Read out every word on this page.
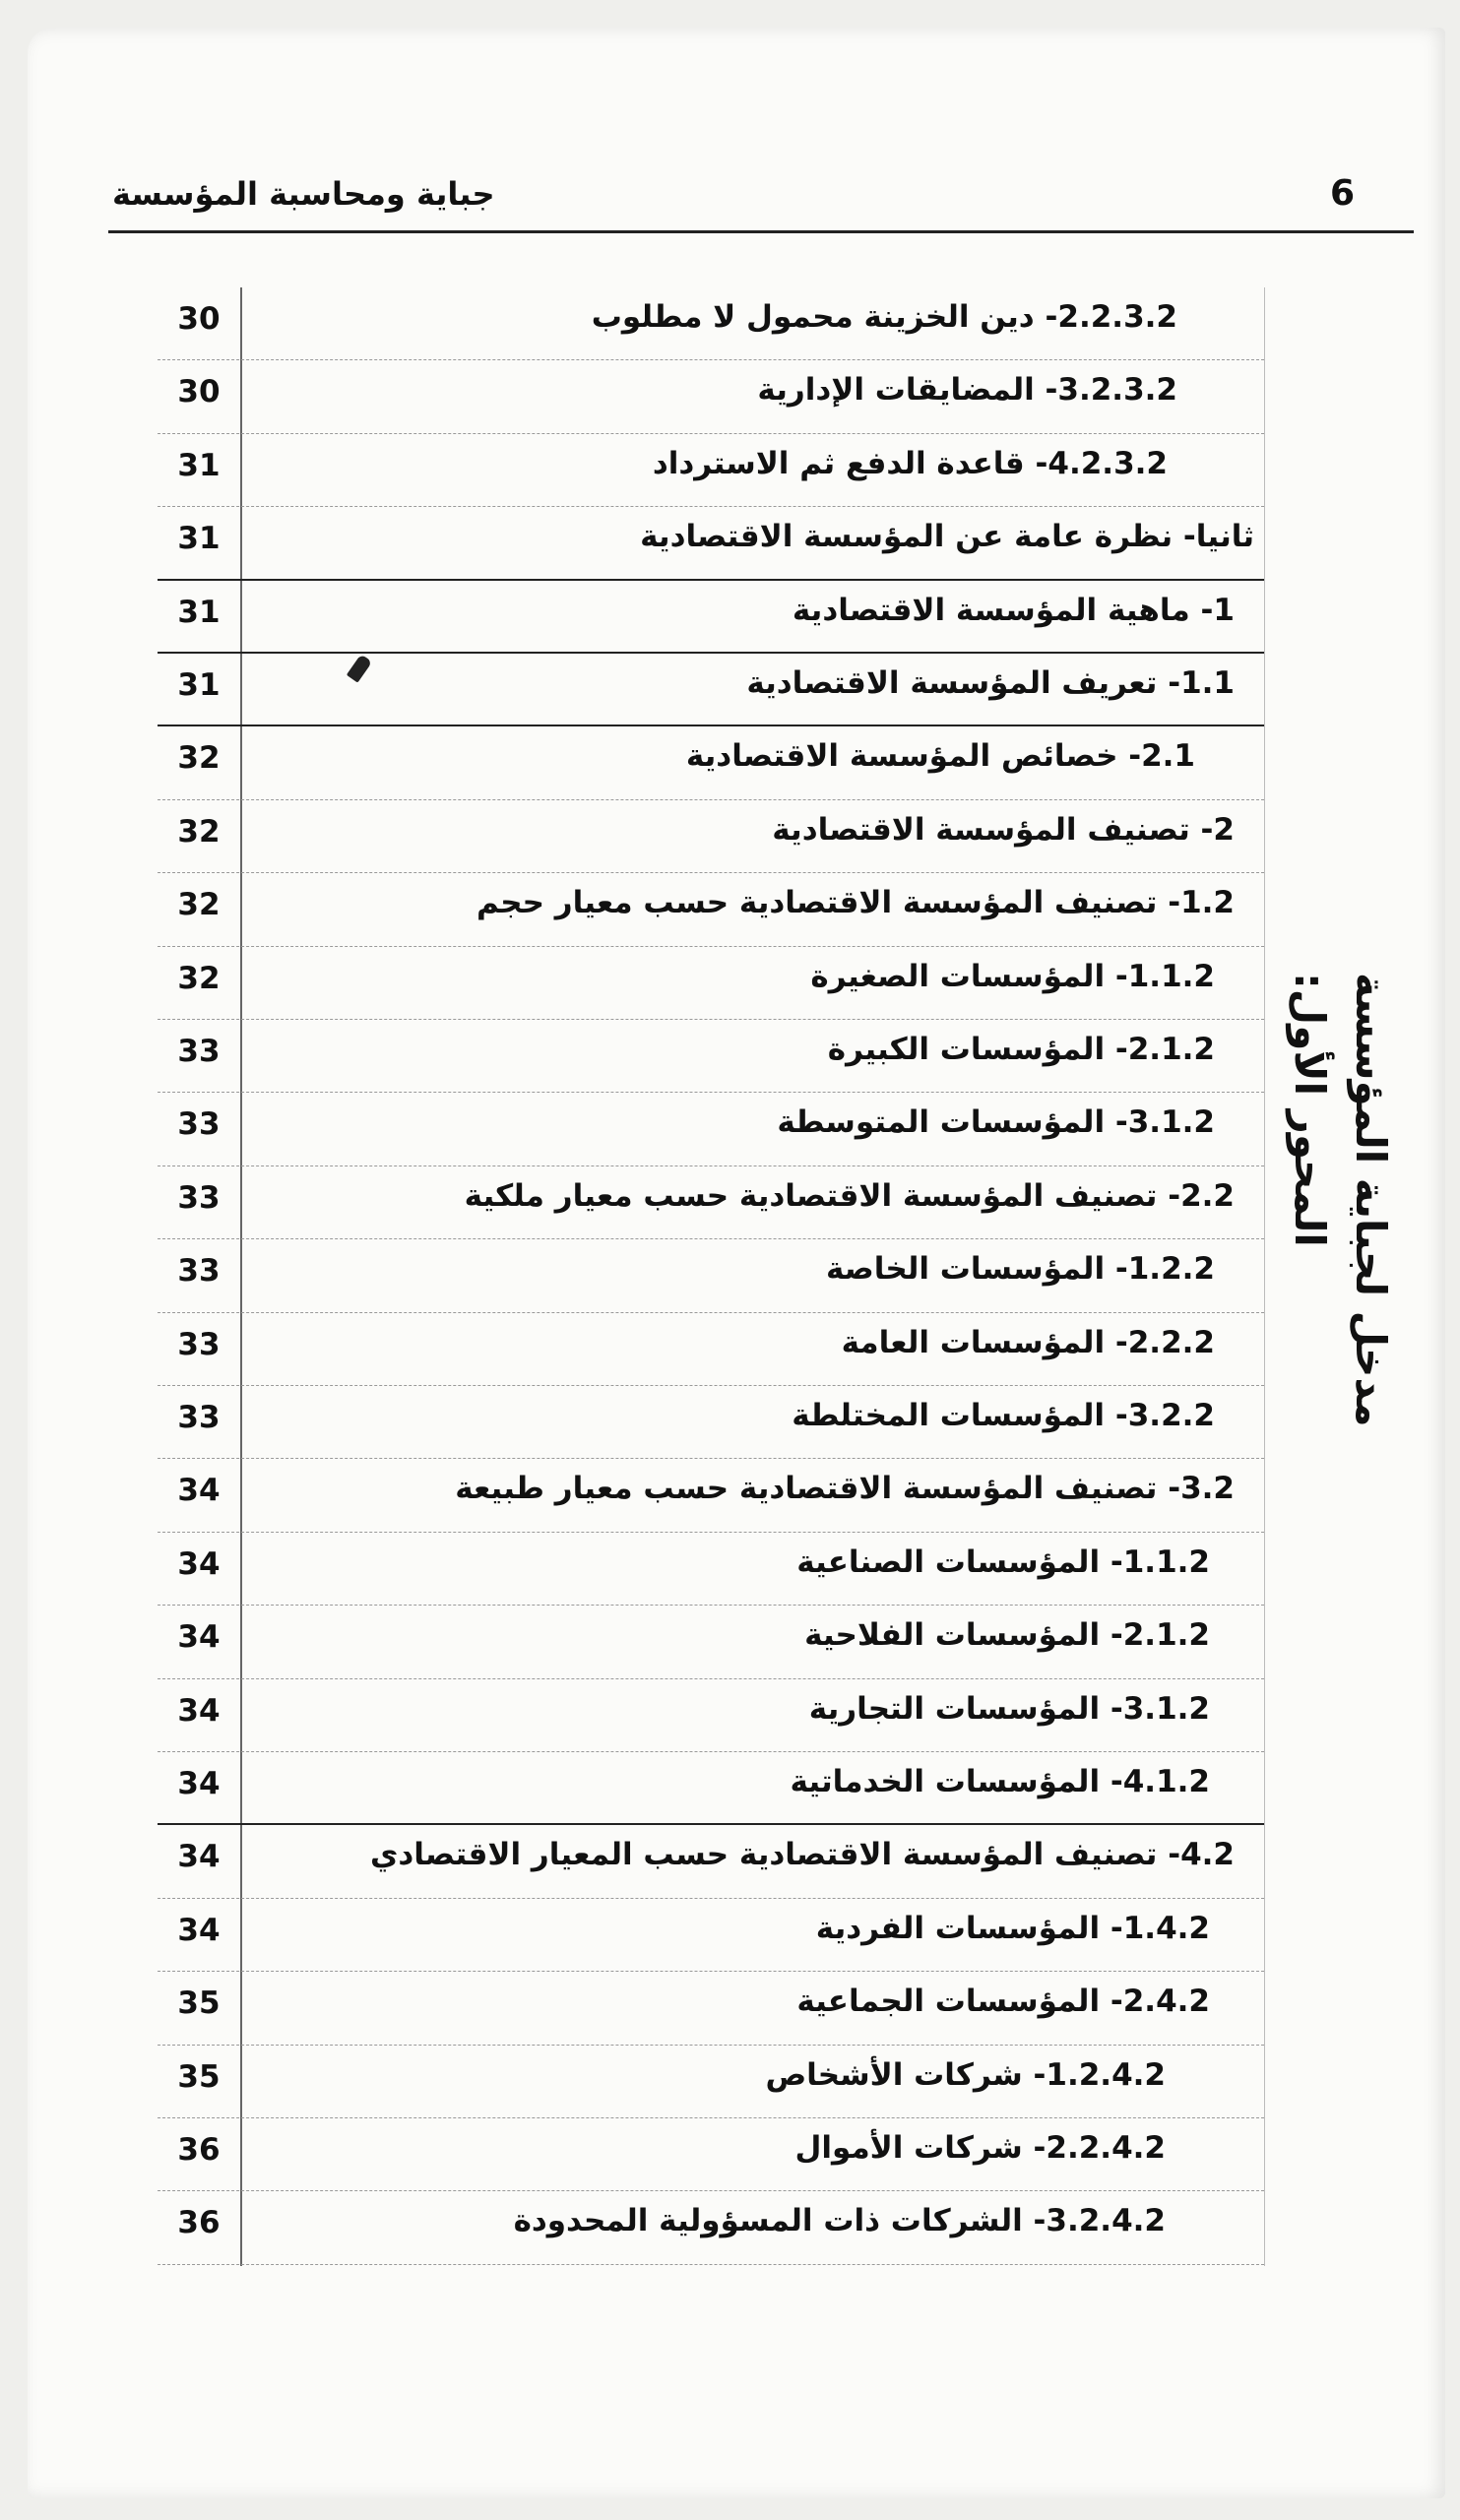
6
جباية ومحاسبة المؤسسة
30	2.2.3.2- دين الخزينة محمول لا مطلوب
30	3.2.3.2- المضايقات الإدارية
31	4.2.3.2- قاعدة الدفع ثم الاسترداد
31	ثانيا- نظرة عامة عن المؤسسة الاقتصادية
31	1- ماهية المؤسسة الاقتصادية
31	1.1- تعريف المؤسسة الاقتصادية
32	2.1- خصائص المؤسسة الاقتصادية
32	2- تصنيف المؤسسة الاقتصادية
32	1.2- تصنيف المؤسسة الاقتصادية حسب معيار حجم
32	1.1.2- المؤسسات الصغيرة
33	2.1.2- المؤسسات الكبيرة
33	3.1.2- المؤسسات المتوسطة
33	2.2- تصنيف المؤسسة الاقتصادية حسب معيار ملكية
33	1.2.2- المؤسسات الخاصة
33	2.2.2- المؤسسات العامة
33	3.2.2- المؤسسات المختلطة
34	3.2- تصنيف المؤسسة الاقتصادية حسب معيار طبيعة
34	1.1.2- المؤسسات الصناعية
34	2.1.2- المؤسسات الفلاحية
34	3.1.2- المؤسسات التجارية
34	4.1.2- المؤسسات الخدماتية
34	4.2- تصنيف المؤسسة الاقتصادية حسب المعيار الاقتصادي
34	1.4.2- المؤسسات الفردية
35	2.4.2- المؤسسات الجماعية
35	1.2.4.2- شركات الأشخاص
36	2.2.4.2- شركات الأموال
36	3.2.4.2- الشركات ذات المسؤولية المحدودة
المحور الأول: مدخل لجباية المؤسسة
